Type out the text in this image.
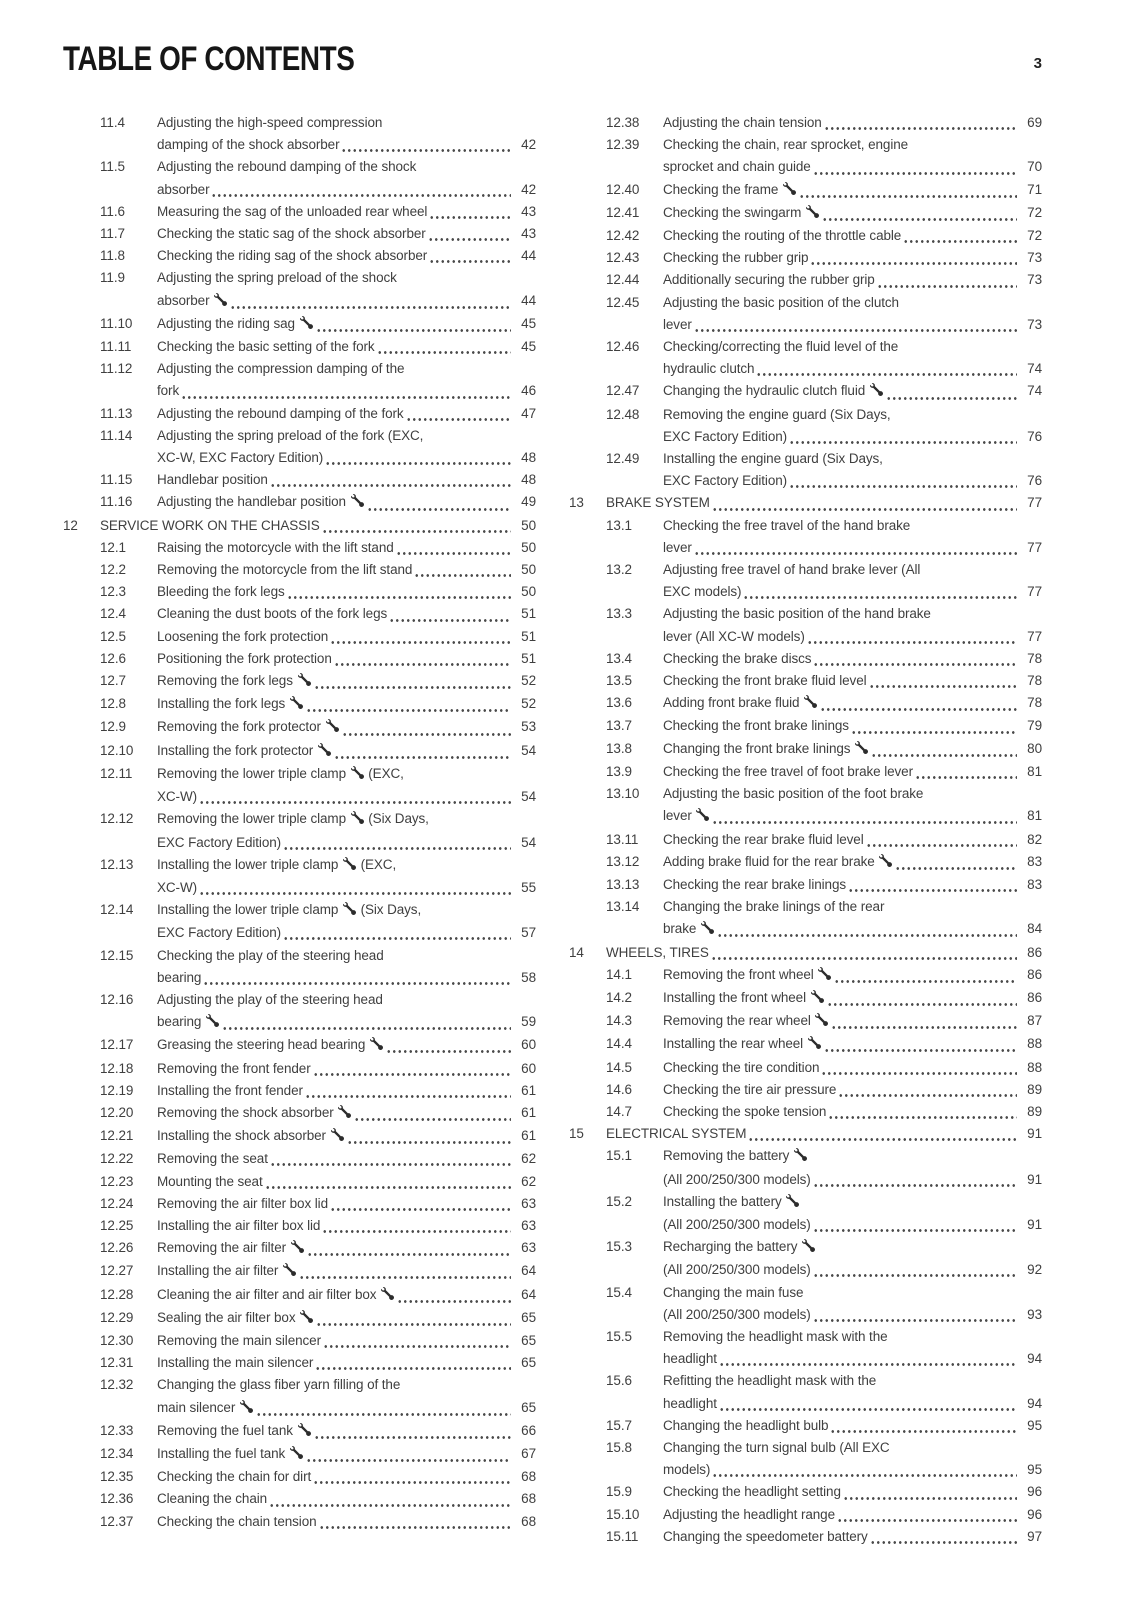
TABLE OF CONTENTS	3
11.4	Adjusting the high-speed compression
damping of the shock absorber	42
11.5	Adjusting the rebound damping of the shock
absorber	42
11.6	Measuring the sag of the unloaded rear wheel	43
11.7	Checking the static sag of the shock absorber	43
11.8	Checking the riding sag of the shock absorber	44
11.9	Adjusting the spring preload of the shock
absorber	44
11.10	Adjusting the riding sag	45
11.11	Checking the basic setting of the fork	45
11.12	Adjusting the compression damping of the
fork	46
11.13	Adjusting the rebound damping of the fork	47
11.14	Adjusting the spring preload of the fork (EXC,
XC-W, EXC Factory Edition)	48
11.15	Handlebar position	48
11.16	Adjusting the handlebar position	49
12	SERVICE WORK ON THE CHASSIS	50
12.1	Raising the motorcycle with the lift stand	50
12.2	Removing the motorcycle from the lift stand	50
12.3	Bleeding the fork legs	50
12.4	Cleaning the dust boots of the fork legs	51
12.5	Loosening the fork protection	51
12.6	Positioning the fork protection	51
12.7	Removing the fork legs	52
12.8	Installing the fork legs	52
12.9	Removing the fork protector	53
12.10	Installing the fork protector	54
12.11	Removing the lower triple clamp  (EXC,
XC-W)	54
12.12	Removing the lower triple clamp  (Six Days,
EXC Factory Edition)	54
12.13	Installing the lower triple clamp  (EXC,
XC-W)	55
12.14	Installing the lower triple clamp  (Six Days,
EXC Factory Edition)	57
12.15	Checking the play of the steering head
bearing	58
12.16	Adjusting the play of the steering head
bearing	59
12.17	Greasing the steering head bearing	60
12.18	Removing the front fender	60
12.19	Installing the front fender	61
12.20	Removing the shock absorber	61
12.21	Installing the shock absorber	61
12.22	Removing the seat	62
12.23	Mounting the seat	62
12.24	Removing the air filter box lid	63
12.25	Installing the air filter box lid	63
12.26	Removing the air filter	63
12.27	Installing the air filter	64
12.28	Cleaning the air filter and air filter box	64
12.29	Sealing the air filter box	65
12.30	Removing the main silencer	65
12.31	Installing the main silencer	65
12.32	Changing the glass fiber yarn filling of the
main silencer	65
12.33	Removing the fuel tank	66
12.34	Installing the fuel tank	67
12.35	Checking the chain for dirt	68
12.36	Cleaning the chain	68
12.37	Checking the chain tension	68
12.38	Adjusting the chain tension	69
12.39	Checking the chain, rear sprocket, engine
sprocket and chain guide	70
12.40	Checking the frame	71
12.41	Checking the swingarm	72
12.42	Checking the routing of the throttle cable	72
12.43	Checking the rubber grip	73
12.44	Additionally securing the rubber grip	73
12.45	Adjusting the basic position of the clutch
lever	73
12.46	Checking/correcting the fluid level of the
hydraulic clutch	74
12.47	Changing the hydraulic clutch fluid	74
12.48	Removing the engine guard (Six Days,
EXC Factory Edition)	76
12.49	Installing the engine guard (Six Days,
EXC Factory Edition)	76
13	BRAKE SYSTEM	77
13.1	Checking the free travel of the hand brake
lever	77
13.2	Adjusting free travel of hand brake lever (All
EXC models)	77
13.3	Adjusting the basic position of the hand brake
lever (All XC-W models)	77
13.4	Checking the brake discs	78
13.5	Checking the front brake fluid level	78
13.6	Adding front brake fluid	78
13.7	Checking the front brake linings	79
13.8	Changing the front brake linings	80
13.9	Checking the free travel of foot brake lever	81
13.10	Adjusting the basic position of the foot brake
lever	81
13.11	Checking the rear brake fluid level	82
13.12	Adding brake fluid for the rear brake	83
13.13	Checking the rear brake linings	83
13.14	Changing the brake linings of the rear
brake	84
14	WHEELS, TIRES	86
14.1	Removing the front wheel	86
14.2	Installing the front wheel	86
14.3	Removing the rear wheel	87
14.4	Installing the rear wheel	88
14.5	Checking the tire condition	88
14.6	Checking the tire air pressure	89
14.7	Checking the spoke tension	89
15	ELECTRICAL SYSTEM	91
15.1	Removing the battery
(All 200/250/300 models)	91
15.2	Installing the battery
(All 200/250/300 models)	91
15.3	Recharging the battery
(All 200/250/300 models)	92
15.4	Changing the main fuse
(All 200/250/300 models)	93
15.5	Removing the headlight mask with the
headlight	94
15.6	Refitting the headlight mask with the
headlight	94
15.7	Changing the headlight bulb	95
15.8	Changing the turn signal bulb (All EXC
models)	95
15.9	Checking the headlight setting	96
15.10	Adjusting the headlight range	96
15.11	Changing the speedometer battery	97
